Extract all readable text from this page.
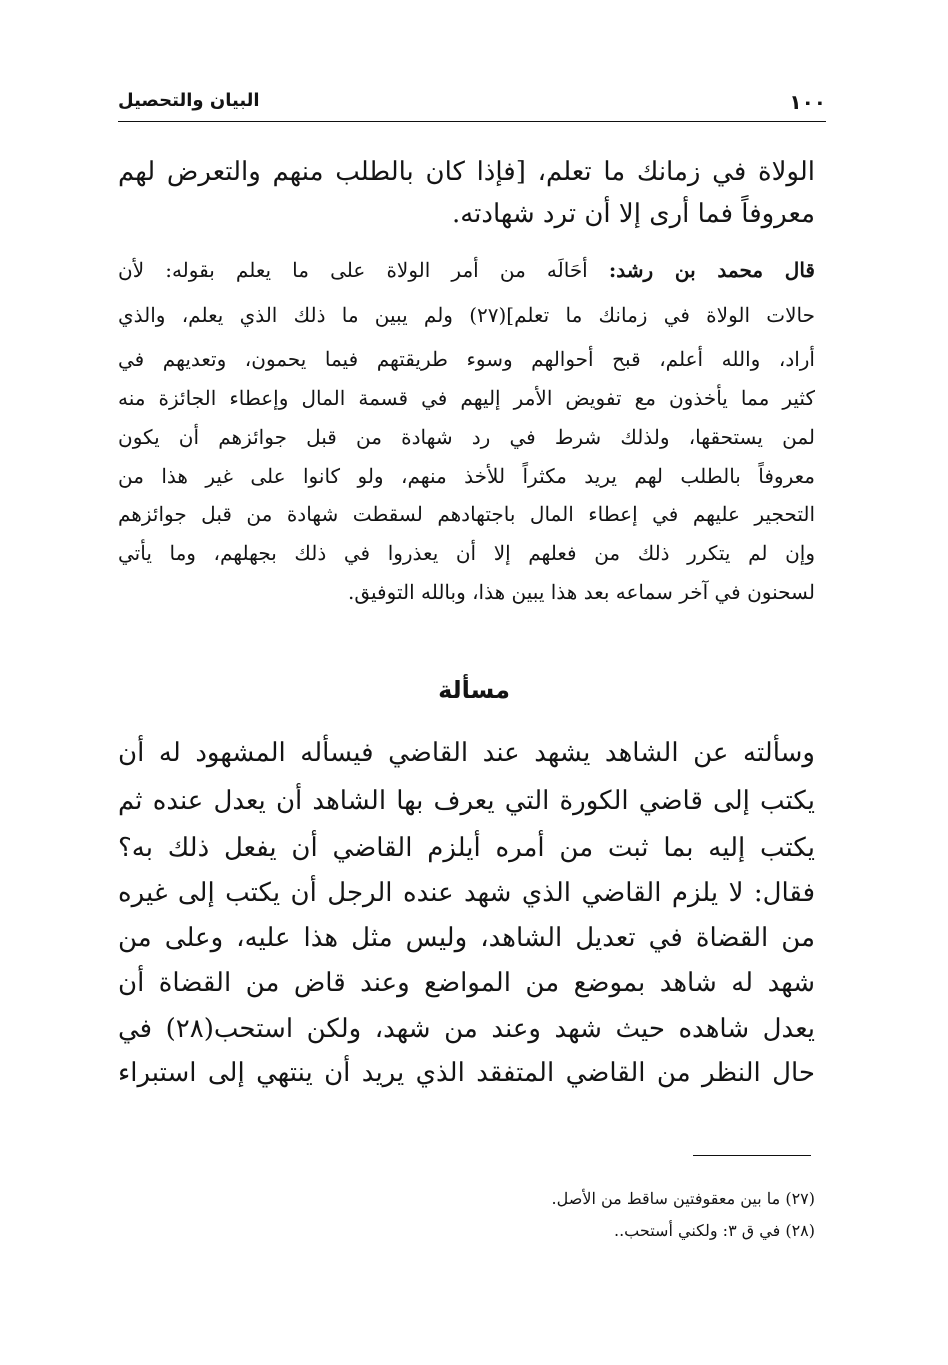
١٠٠
البيان والتحصيل
الولاة في زمانك ما تعلم، [فإذا كان بالطلب منهم والتعرض لهم
معروفاً فما أرى إلا أن ترد شهادته.
قال محمد بن رشد: أحَالَه من أمر الولاة على ما يعلم بقوله: لأن
حالات الولاة في زمانك ما تعلم](٢٧) ولم يبين ما ذلك الذي يعلم، والذي
أراد، والله أعلم، قبح أحوالهم وسوء طريقتهم فيما يحمون، وتعديهم في
كثير مما يأخذون مع تفويض الأمر إليهم في قسمة المال وإعطاء الجائزة منه
لمن يستحقها، ولذلك شرط في رد شهادة من قبل جوائزهم أن يكون
معروفاً بالطلب لهم يريد مكثراً للأخذ منهم، ولو كانوا على غير هذا من
التحجير عليهم في إعطاء المال باجتهادهم لسقطت شهادة من قبل جوائزهم
وإن لم يتكرر ذلك من فعلهم إلا أن يعذروا في ذلك بجهلهم، وما يأتي
لسحنون في آخر سماعه بعد هذا يبين هذا، وبالله التوفيق.
مسألة
وسألته عن الشاهد يشهد عند القاضي فيسأله المشهود له أن
يكتب إلى قاضي الكورة التي يعرف بها الشاهد أن يعدل عنده ثم
يكتب إليه بما ثبت من أمره أيلزم القاضي أن يفعل ذلك به؟
فقال: لا يلزم القاضي الذي شهد عنده الرجل أن يكتب إلى غيره
من القضاة في تعديل الشاهد، وليس مثل هذا عليه، وعلى من
شهد له شاهد بموضع من المواضع وعند قاض من القضاة أن
يعدل شاهده حيث شهد وعند من شهد، ولكن استحب(٢٨) في
حال النظر من القاضي المتفقد الذي يريد أن ينتهي إلى استبراء
(٢٧) ما بين معقوفتين ساقط من الأصل.
(٢٨) في ق ٣: ولكني أستحب..
